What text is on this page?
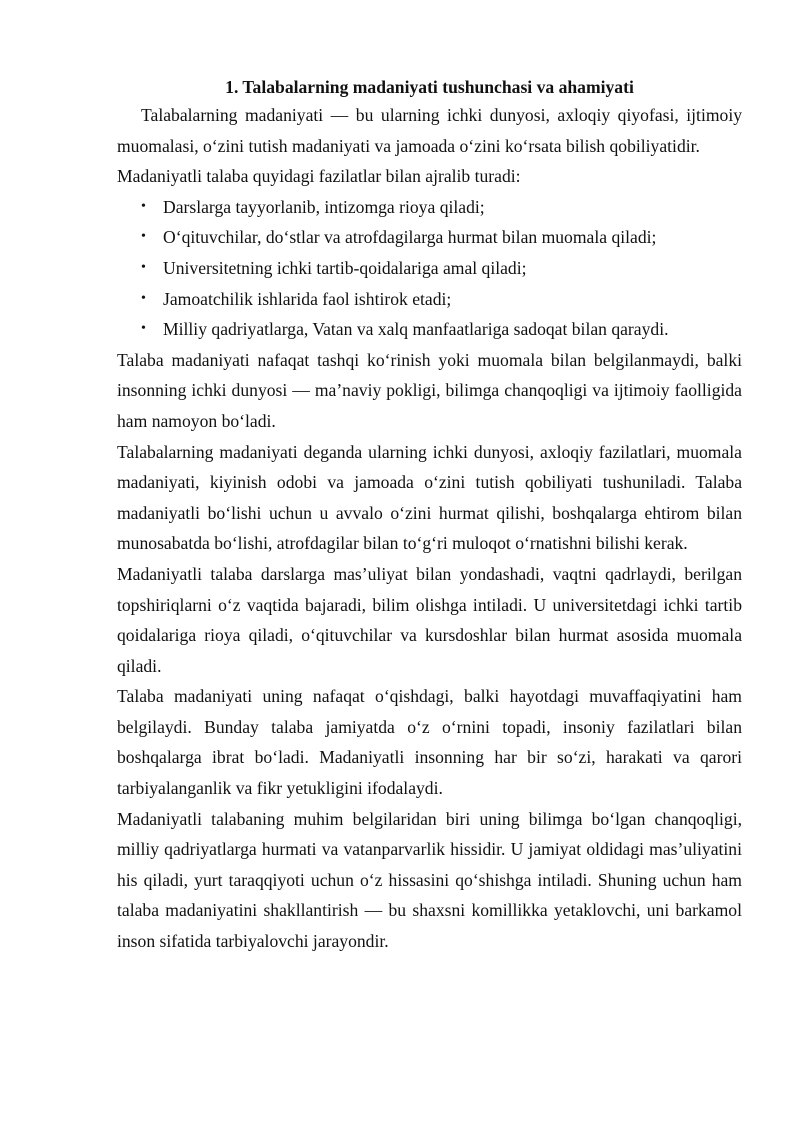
1. Talabalarning madaniyati tushunchasi va ahamiyati

Talabalarning madaniyati — bu ularning ichki dunyosi, axloqiy qiyofasi, ijtimoiy muomalasi, o‘zini tutish madaniyati va jamoada o‘zini ko‘rsata bilish qobiliyatidir.

Madaniyatli talaba quyidagi fazilatlar bilan ajralib turadi:

• Darslarga tayyorlanib, intizomga rioya qiladi;
• O‘qituvchilar, do‘stlar va atrofdagilarga hurmat bilan muomala qiladi;
• Universitetning ichki tartib-qoidalariga amal qiladi;
• Jamoatchilik ishlarida faol ishtirok etadi;
• Milliy qadriyatlarga, Vatan va xalq manfaatlariga sadoqat bilan qaraydi.

Talaba madaniyati nafaqat tashqi ko‘rinish yoki muomala bilan belgilanmaydi, balki insonning ichki dunyosi — ma’naviy pokligi, bilimga chanqoqligi va ijtimoiy faolligida ham namoyon bo‘ladi.

Talabalarning madaniyati deganda ularning ichki dunyosi, axloqiy fazilatlari, muomala madaniyati, kiyinish odobi va jamoada o‘zini tutish qobiliyati tushuniladi. Talaba madaniyatli bo‘lishi uchun u avvalo o‘zini hurmat qilishi, boshqalarga ehtirom bilan munosabatda bo‘lishi, atrofdagilar bilan to‘g‘ri muloqot o‘rnatishni bilishi kerak.

Madaniyatli talaba darslarga mas’uliyat bilan yondashadi, vaqtni qadrlaydi, berilgan topshiriqlarni o‘z vaqtida bajaradi, bilim olishga intiladi. U universitetdagi ichki tartib qoidalariga rioya qiladi, o‘qituvchilar va kursdoshlar bilan hurmat asosida muomala qiladi.

Talaba madaniyati uning nafaqat o‘qishdagi, balki hayotdagi muvaffaqiyatini ham belgilaydi. Bunday talaba jamiyatda o‘z o‘rnini topadi, insoniy fazilatlari bilan boshqalarga ibrat bo‘ladi. Madaniyatli insonning har bir so‘zi, harakati va qarori tarbiyalanganlik va fikr yetukligini ifodalaydi.

Madaniyatli talabaning muhim belgilaridan biri uning bilimga bo‘lgan chanqoqligi, milliy qadriyatlarga hurmati va vatanparvarlik hissidir. U jamiyat oldidagi mas’uliyatini his qiladi, yurt taraqqiyoti uchun o‘z hissasini qo‘shishga intiladi. Shuning uchun ham talaba madaniyatini shakllantirish — bu shaxsni komillikka yetaklovchi, uni barkamol inson sifatida tarbiyalovchi jarayondir.
